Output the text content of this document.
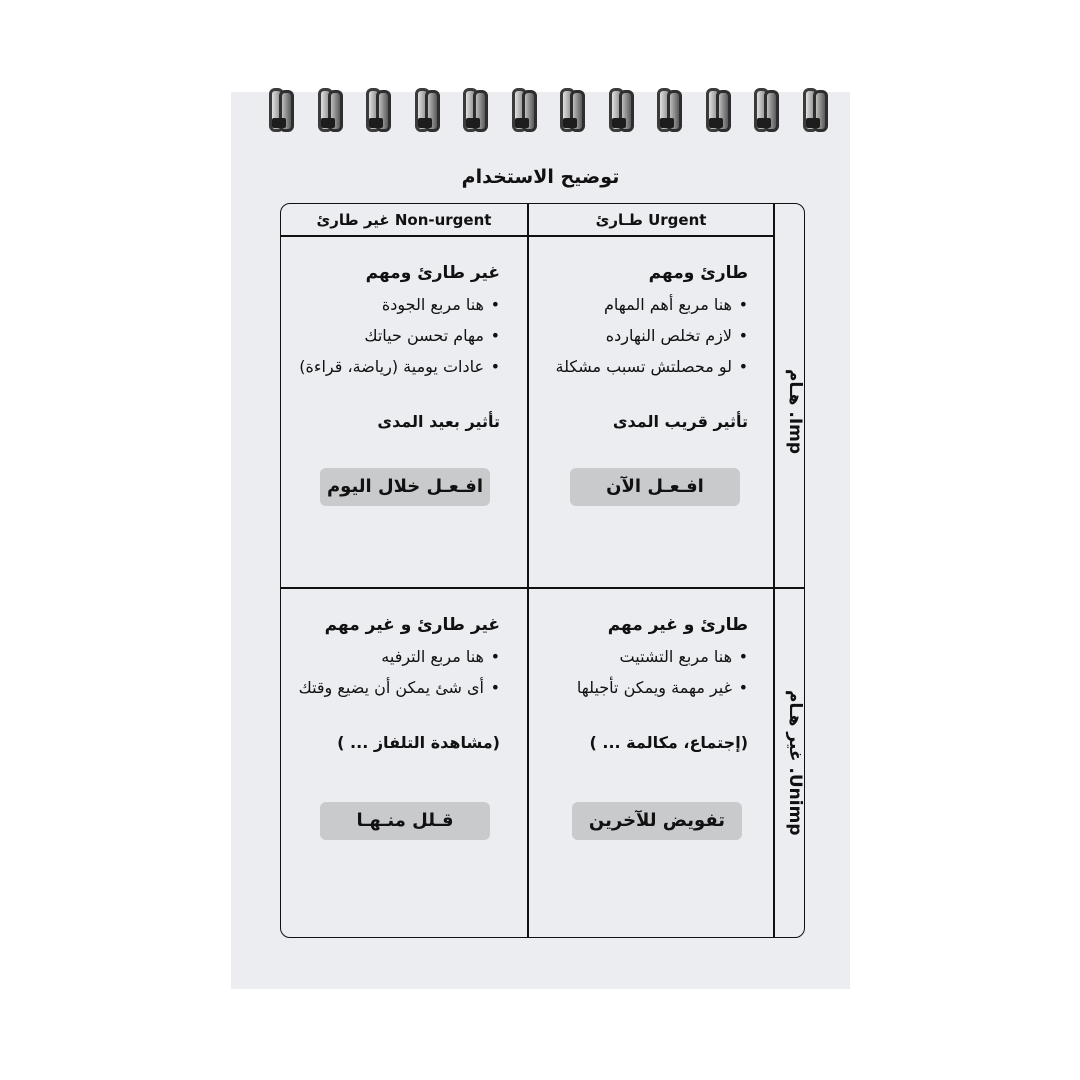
توضيح الاستخدام
غير طارئ Non-urgent	طـارئ Urgent
هـام .Imp
غير هـام .Unimp
طارئ ومهم
• هنا مربع أهم المهام
• لازم تخلص النهارده
• لو محصلتش تسبب مشكلة
تأثير قريب المدى
افـعـل الآن
غير طارئ ومهم
• هنا مربع الجودة
• مهام تحسن حياتك
• عادات يومية (رياضة، قراءة)
تأثير بعيد المدى
افـعـل خلال اليوم
طارئ و غير مهم
• هنا مربع التشتيت
• غير مهمة ويمكن تأجيلها
(إجتماع، مكالمة ... )
تفويض للآخرين
غير طارئ و غير مهم
• هنا مربع الترفيه
• أى شئ يمكن أن يضيع وقتك
(مشاهدة التلفاز ... )
قـلل منـهـا
